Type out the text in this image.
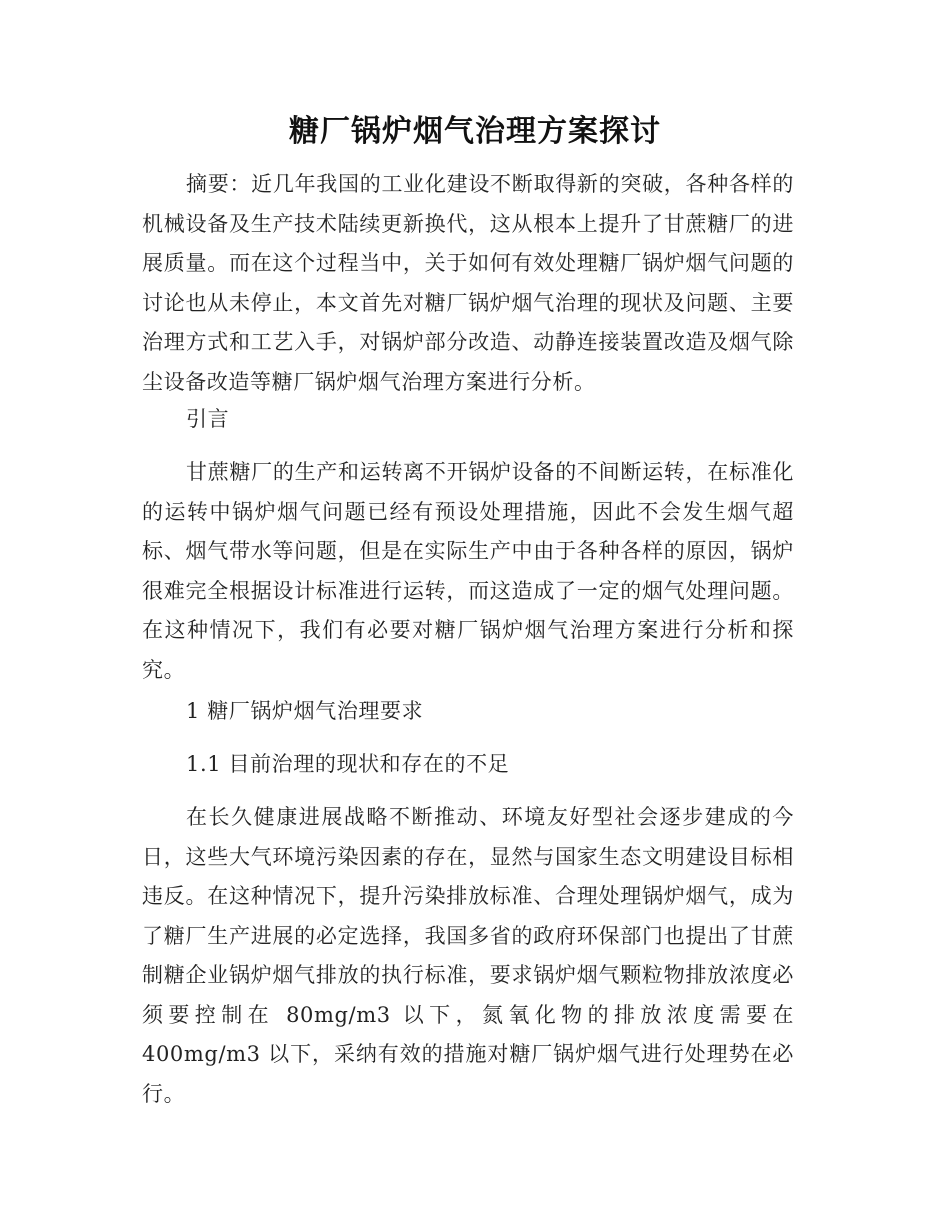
糖厂锅炉烟气治理方案探讨

摘要：近几年我国的工业化建设不断取得新的突破，各种各样的机械设备及生产技术陆续更新换代，这从根本上提升了甘蔗糖厂的进展质量。而在这个过程当中，关于如何有效处理糖厂锅炉烟气问题的讨论也从未停止，本文首先对糖厂锅炉烟气治理的现状及问题、主要治理方式和工艺入手，对锅炉部分改造、动静连接装置改造及烟气除尘设备改造等糖厂锅炉烟气治理方案进行分析。

引言

甘蔗糖厂的生产和运转离不开锅炉设备的不间断运转，在标准化的运转中锅炉烟气问题已经有预设处理措施，因此不会发生烟气超标、烟气带水等问题，但是在实际生产中由于各种各样的原因，锅炉很难完全根据设计标准进行运转，而这造成了一定的烟气处理问题。在这种情况下，我们有必要对糖厂锅炉烟气治理方案进行分析和探究。

1 糖厂锅炉烟气治理要求

1.1 目前治理的现状和存在的不足

在长久健康进展战略不断推动、环境友好型社会逐步建成的今日，这些大气环境污染因素的存在，显然与国家生态文明建设目标相违反。在这种情况下，提升污染排放标准、合理处理锅炉烟气，成为了糖厂生产进展的必定选择，我国多省的政府环保部门也提出了甘蔗制糖企业锅炉烟气排放的执行标准，要求锅炉烟气颗粒物排放浓度必须要控制在 80mg/m3 以下，氮氧化物的排放浓度需要在 400mg/m3 以下，采纳有效的措施对糖厂锅炉烟气进行处理势在必行。
